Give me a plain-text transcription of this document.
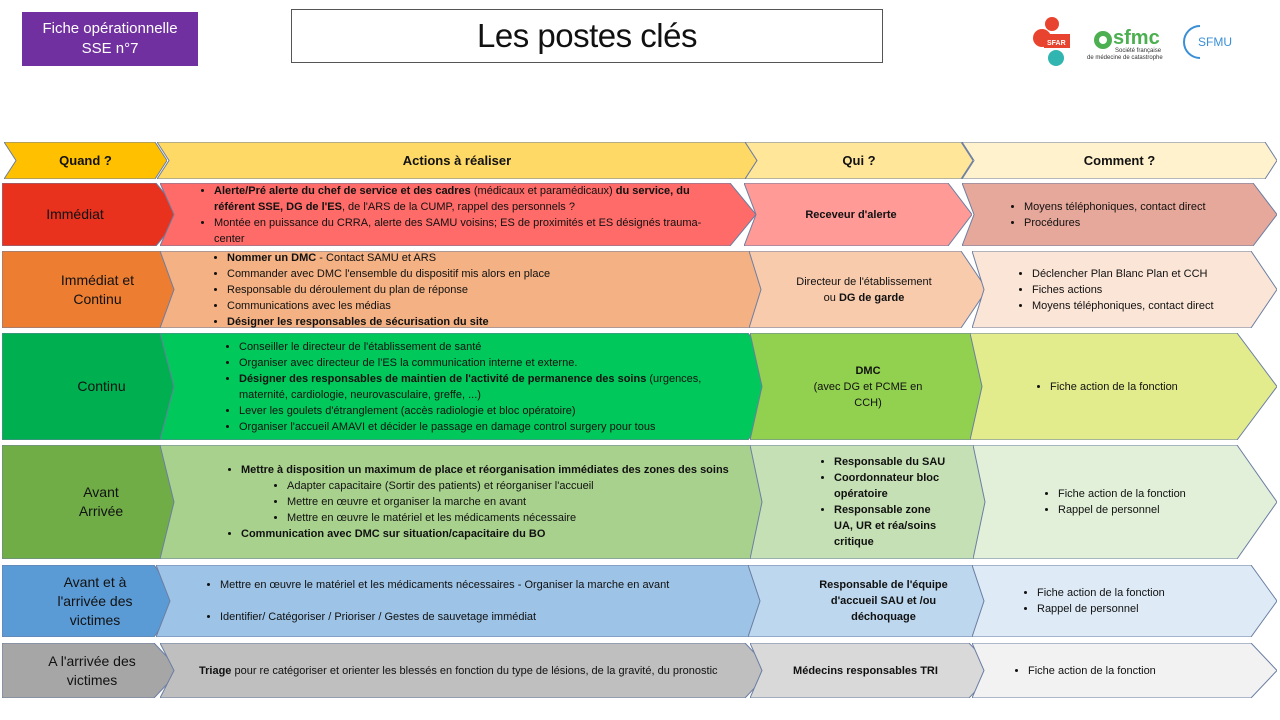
Fiche opérationnelle
SSE n°7	Les postes clés	SFAR sfmc
Société française
de médecine de catastrophe
SFMU
Quand ?	Actions à réaliser	Qui ?	Comment ?
Immédiat
• Alerte/Pré alerte du chef de service et des cadres (médicaux et paramédicaux) du service, du référent SSE, DG de l'ES, de l'ARS de la CUMP, rappel des personnels ?
• Montée en puissance du CRRA, alerte des SAMU voisins; ES de proximités et ES désignés trauma-center
Receveur d'alerte
• Moyens téléphoniques, contact direct
• Procédures
Immédiat et Continu
• Nommer un DMC - Contact SAMU et ARS
• Commander avec DMC l'ensemble du dispositif mis alors en place
• Responsable du déroulement du plan de réponse
• Communications avec les médias
• Désigner les responsables de sécurisation du site
Directeur de l'établissement
ou DG de garde
• Déclencher Plan Blanc Plan et CCH
• Fiches actions
• Moyens téléphoniques, contact direct
Continu
• Conseiller le directeur de l'établissement de santé
• Organiser avec directeur de l'ES la communication interne et externe.
• Désigner des responsables de maintien de l'activité de permanence des soins (urgences, maternité, cardiologie, neurovasculaire, greffe, ...)
• Lever les goulets d'étranglement (accès radiologie et bloc opératoire)
• Organiser l'accueil AMAVI et décider le passage en damage control surgery pour tous
DMC
(avec DG et PCME en CCH)
• Fiche action de la fonction
Avant Arrivée
• Mettre à disposition un maximum de place et réorganisation immédiates des zones des soins
• Adapter capacitaire (Sortir des patients) et réorganiser l'accueil
• Mettre en œuvre et organiser la marche en avant
• Mettre en œuvre le matériel et les médicaments nécessaire
• Communication avec DMC sur situation/capacitaire du BO
• Responsable du SAU
• Coordonnateur bloc opératoire
• Responsable zone UA, UR et réa/soins critique
• Fiche action de la fonction
• Rappel de personnel
Avant et à l'arrivée des victimes
• Mettre en œuvre le matériel et les médicaments nécessaires - Organiser la marche en avant
• Identifier/ Catégoriser / Prioriser / Gestes de sauvetage immédiat
Responsable de l'équipe d'accueil SAU et /ou déchoquage
• Fiche action de la fonction
• Rappel de personnel
A l'arrivée des victimes
Triage pour re catégoriser et orienter les blessés en fonction du type de lésions, de la gravité, du pronostic	Médecins responsables TRI
•	Fiche action de la fonction
